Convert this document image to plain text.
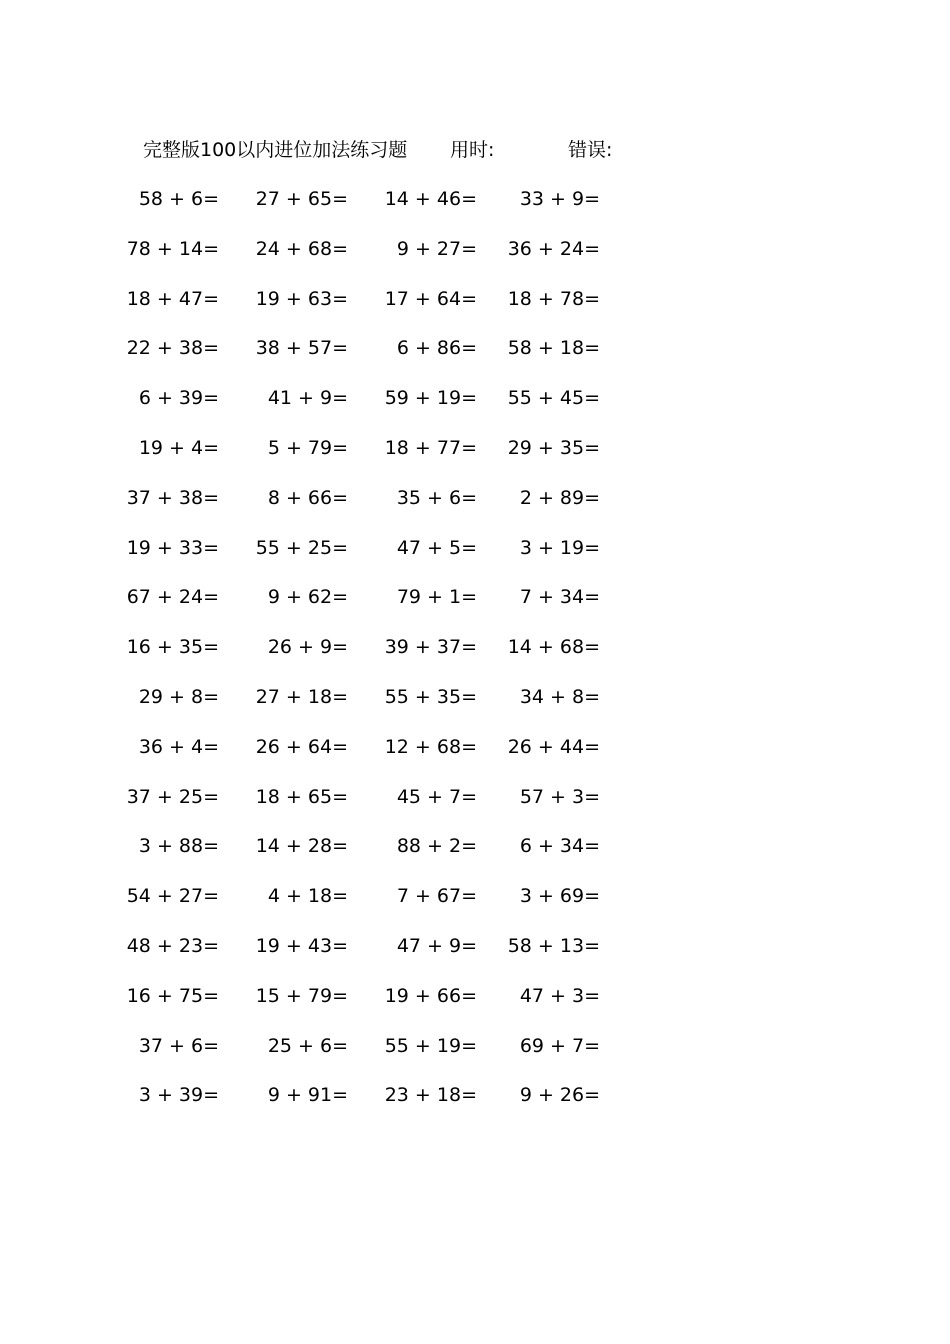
完整版100以内进位加法练习题 用时:	错误:
58 + 6= 27 + 65= 14 + 46= 33 + 9=
78 + 14= 24 + 68=	9 + 27= 36 + 24=
18 + 47= 19 + 63= 17 + 64= 18 + 78=
22 + 38= 38 + 57=	6 + 86= 58 + 18=
6 + 39=	41 + 9= 59 + 19= 55 + 45=
19 + 4=	5 + 79= 18 + 77= 29 + 35=
37 + 38=	8 + 66=	35 + 6= 2 + 89=
19 + 33= 55 + 25=	47 + 5= 3 + 19=
67 + 24=	9 + 62=	79 + 1= 7 + 34=
16 + 35=	26 + 9= 39 + 37= 14 + 68=
29 + 8= 27 + 18= 55 + 35= 34 + 8=
36 + 4= 26 + 64= 12 + 68= 26 + 44=
37 + 25= 18 + 65=	45 + 7= 57 + 3=
3 + 88= 14 + 28=	88 + 2= 6 + 34=
54 + 27=	4 + 18=	7 + 67= 3 + 69=
48 + 23= 19 + 43=	47 + 9= 58 + 13=
16 + 75= 15 + 79= 19 + 66= 47 + 3=
37 + 6=	25 + 6= 55 + 19= 69 + 7=
3 + 39=	9 + 91= 23 + 18= 9 + 26=
